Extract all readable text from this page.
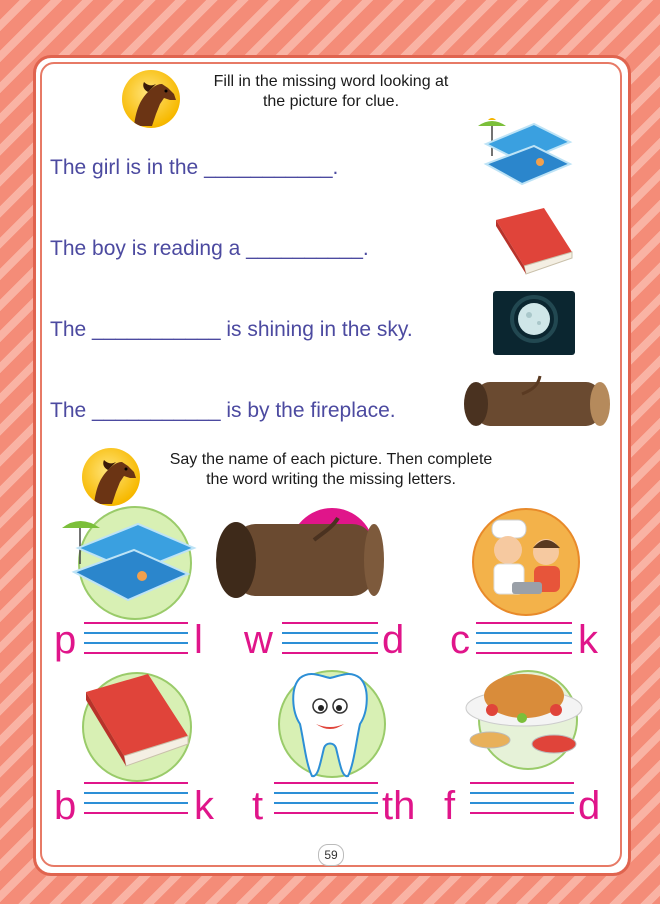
Fill in the missing word looking at
the picture for clue.
The girl is in the ___________.
The boy is reading a __________.
The ___________ is shining in the sky.
The ___________ is by the fireplace.
Say the name of each picture. Then complete
the word writing the missing letters.
p	l w	d c	k
b	k t	th f	d
59
